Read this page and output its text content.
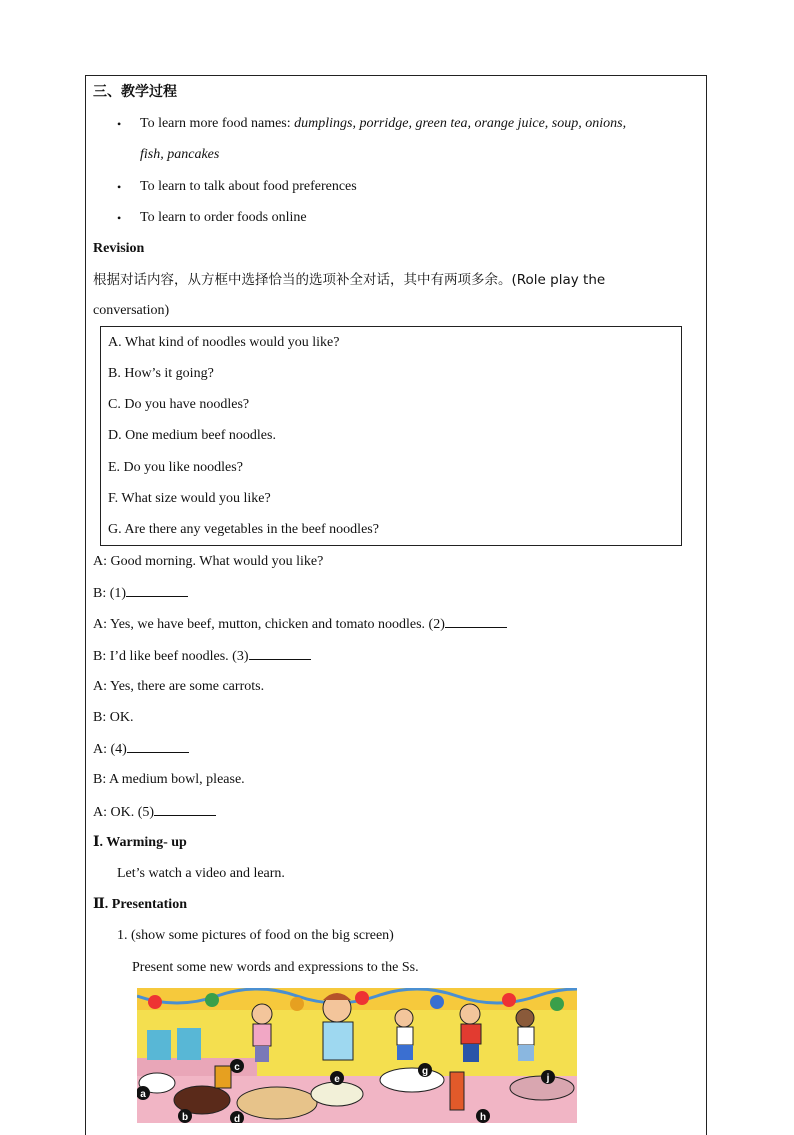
三、教学过程
• To learn more food names: dumplings, porridge, green tea, orange juice, soup, onions,
fish, pancakes
• To learn to talk about food preferences
• To learn to order foods online
Revision
根据对话内容，从方框中选择恰当的选项补全对话，其中有两项多余。(Role play the
conversation)
A. What kind of noodles would you like?
B. How’s it going?
C. Do you have noodles?
D. One medium beef noodles.
E. Do you like noodles?
F. What size would you like?
G. Are there any vegetables in the beef noodles?
A: Good morning. What would you like?
B: (1)
A: Yes, we have beef, mutton, chicken and tomato noodles. (2)
B: I’d like beef noodles. (3)
A: Yes, there are some carrots.
B: OK.
A: (4)
B: A medium bowl, please.
A: OK. (5)
Ⅰ. Warming- up
Let’s watch a video and learn.
Ⅱ. Presentation
1. (show some pictures of food on the big screen)
Present some new words and expressions to the Ss.
a
b
c
d
e
g
h
j
